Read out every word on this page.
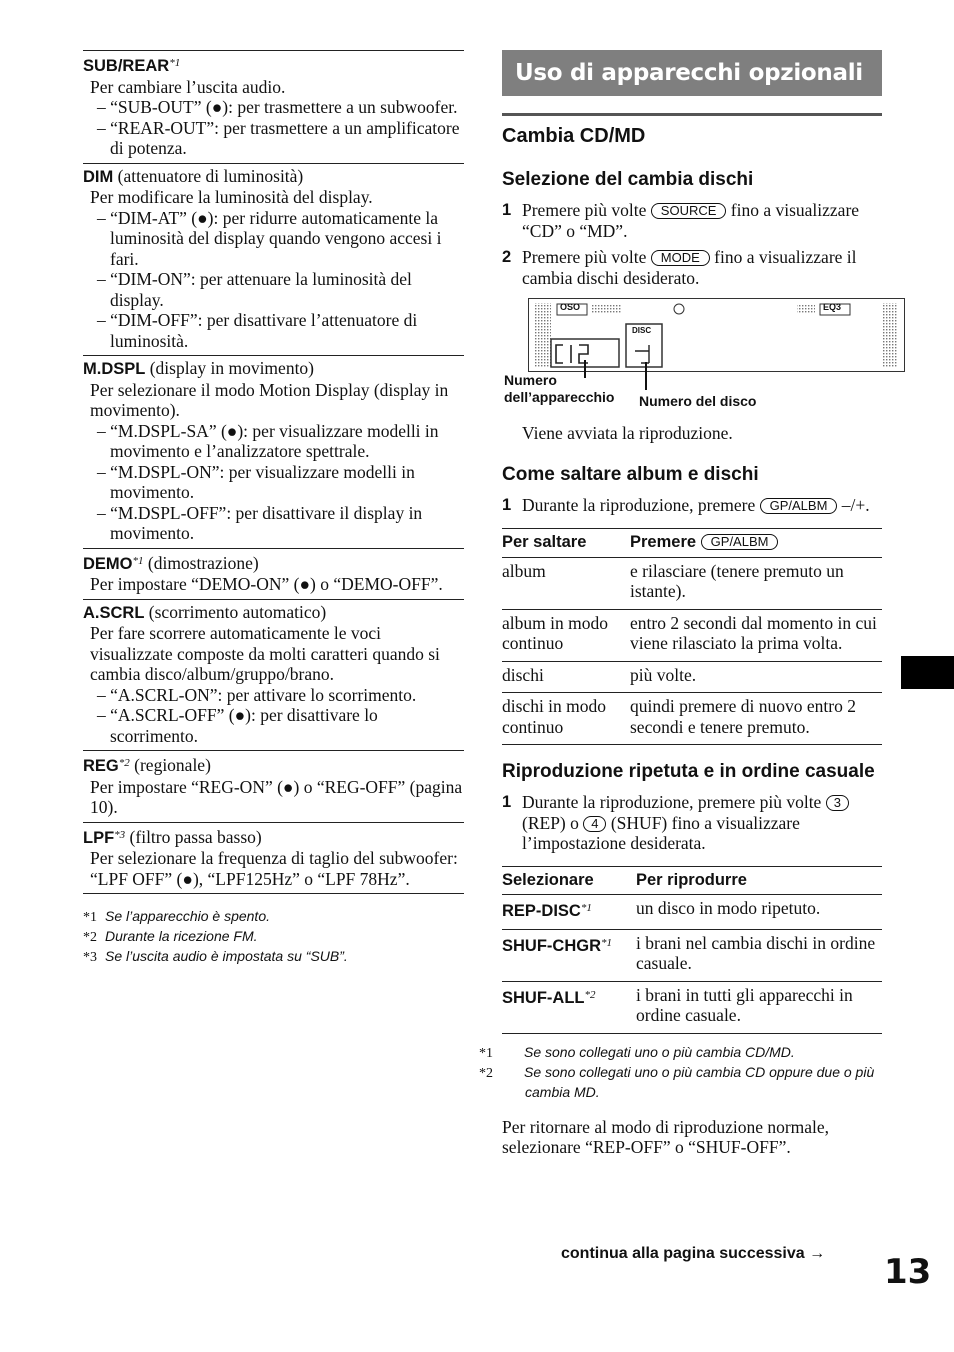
SUB/REAR$^{*1}$
Per cambiare l’uscita audio.
– “SUB-OUT” (●): per trasmettere a un subwoofer.
– “REAR-OUT”: per trasmettere a un amplificatore di potenza.
DIM (attenuatore di luminosità)
Per modificare la luminosità del display.
– “DIM-AT” (●): per ridurre automaticamente la luminosità del display quando vengono accesi i fari.
– “DIM-ON”: per attenuare la luminosità del display.
– “DIM-OFF”: per disattivare l’attenuatore di luminosità.
M.DSPL (display in movimento)
Per selezionare il modo Motion Display (display in movimento).
– “M.DSPL-SA” (●): per visualizzare modelli in movimento e l’analizzatore spettrale.
– “M.DSPL-ON”: per visualizzare modelli in movimento.
– “M.DSPL-OFF”: per disattivare il display in movimento.
DEMO$^{*1}$ (dimostrazione)
Per impostare “DEMO-ON” (●) o “DEMO-OFF”.
A.SCRL (scorrimento automatico)
Per fare scorrere automaticamente le voci visualizzate composte da molti caratteri quando si cambia disco/album/gruppo/brano.
– “A.SCRL-ON”: per attivare lo scorrimento.
– “A.SCRL-OFF” (●): per disattivare lo scorrimento.
REG$^{*2}$ (regionale)
Per impostare “REG-ON” (●) o “REG-OFF” (pagina 10).
LPF$^{*3}$ (filtro passa basso)
Per selezionare la frequenza di taglio del subwoofer: “LPF OFF” (●), “LPF125Hz” o “LPF 78Hz”.
*1 Se l’apparecchio è spento.
*2 Durante la ricezione FM.
*3 Se l’uscita audio è impostata su “SUB”.
Uso di apparecchi opzionali
Cambia CD/MD
Selezione del cambia dischi
1 Premere più volte SOURCE fino a visualizzare “CD” o “MD”.
2 Premere più volte MODE fino a visualizzare il cambia dischi desiderato.
OSO	EQ3
DISC
Numero dell’apparecchio	Numero del disco
Viene avviata la riproduzione.
Come saltare album e dischi
1 Durante la riproduzione, premere GP/ALBM –/+.
Per saltare	Premere GP/ALBM
album	e rilasciare (tenere premuto un istante).
album in modo continuo	entro 2 secondi dal momento in cui viene rilasciato la prima volta.
dischi	più volte.
dischi in modo continuo	quindi premere di nuovo entro 2 secondi e tenere premuto.
Riproduzione ripetuta e in ordine casuale
1 Durante la riproduzione, premere più volte 3 (REP) o 4 (SHUF) fino a visualizzare l’impostazione desiderata.
Selezionare	Per riprodurre
REP-DISC$^{*1}$	un disco in modo ripetuto.
SHUF-CHGR$^{*1}$	i brani nel cambia dischi in ordine casuale.
SHUF-ALL$^{*2}$	i brani in tutti gli apparecchi in ordine casuale.
*1 Se sono collegati uno o più cambia CD/MD.
*2 Se sono collegati uno o più cambia CD oppure due o più cambia MD.
Per ritornare al modo di riproduzione normale, selezionare “REP-OFF” o “SHUF-OFF”.
continua alla pagina successiva → 13
